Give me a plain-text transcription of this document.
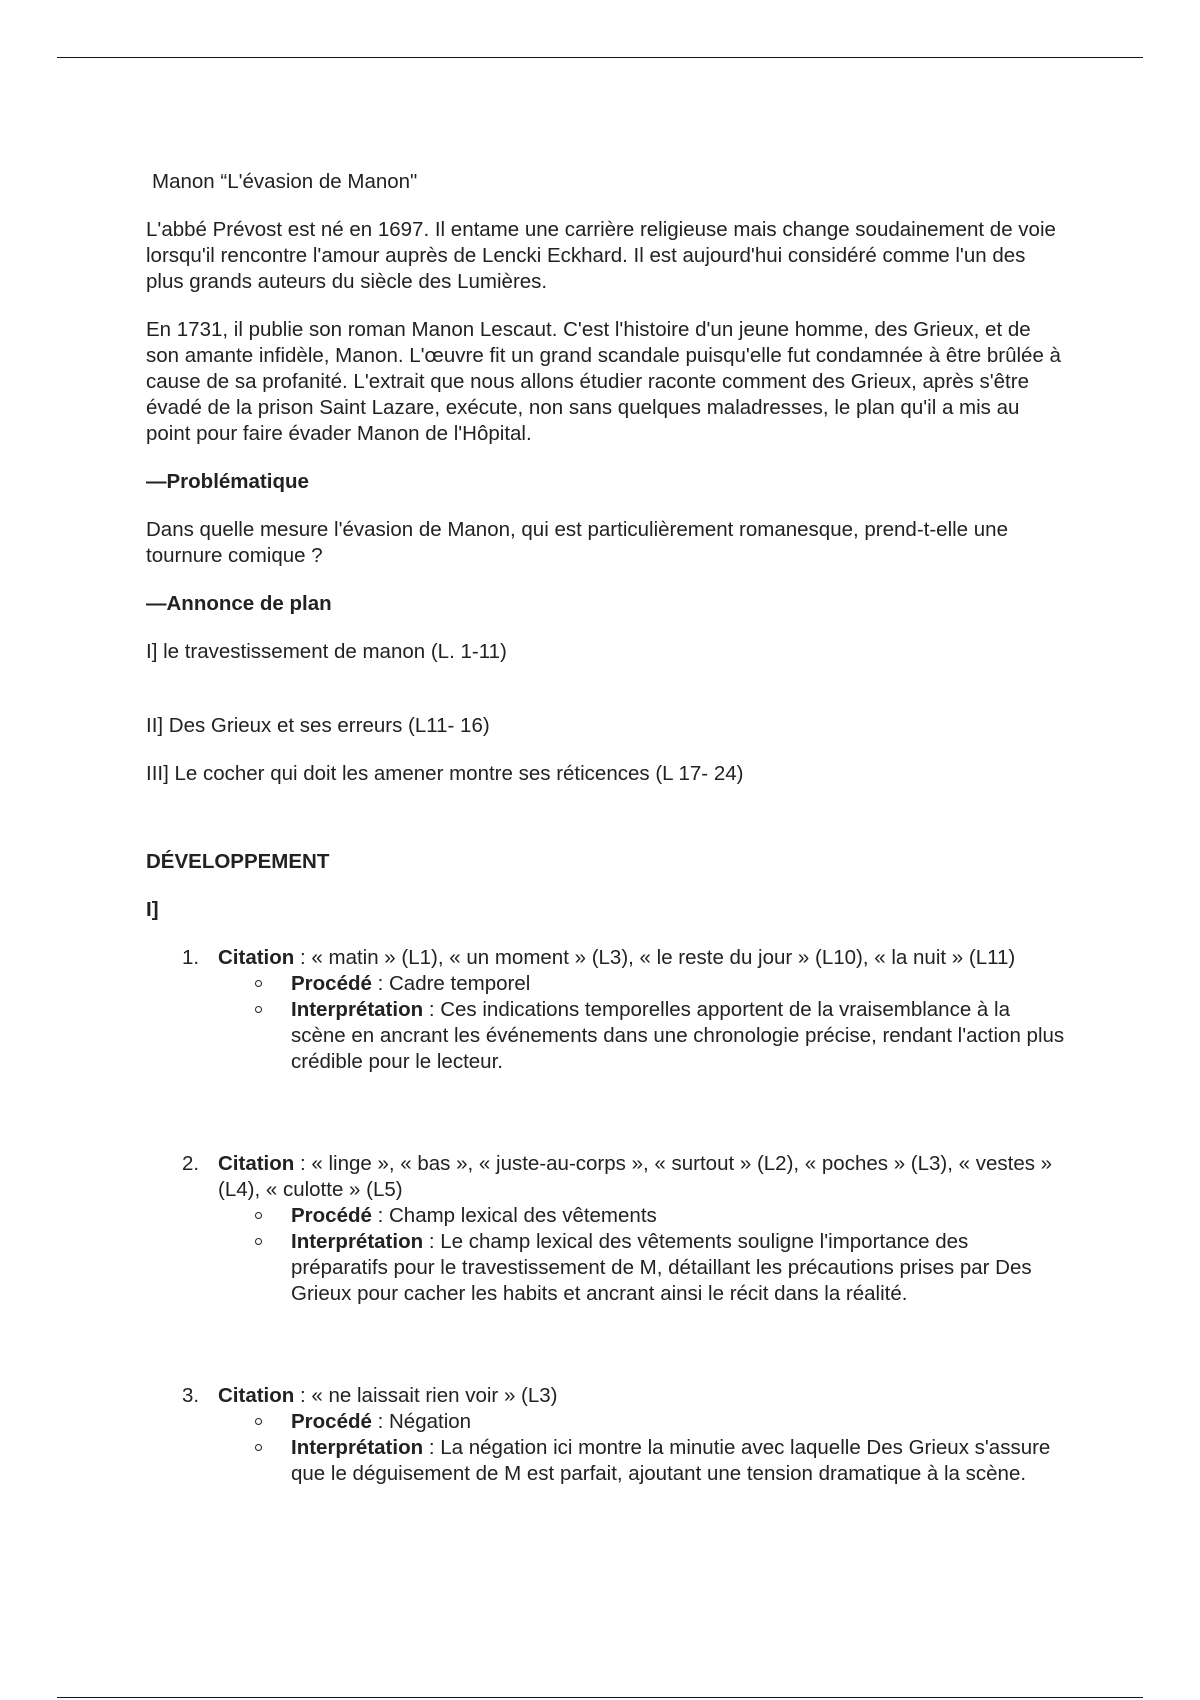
Manon “L'évasion de Manon"

L'abbé Prévost est né en 1697. Il entame une carrière religieuse mais change soudainement de voie lorsqu'il rencontre l'amour auprès de Lencki Eckhard. Il est aujourd'hui considéré comme l'un des plus grands auteurs du siècle des Lumières.

En 1731, il publie son roman Manon Lescaut. C'est l'histoire d'un jeune homme, des Grieux, et de son amante infidèle, Manon. L'œuvre fit un grand scandale puisqu'elle fut condamnée à être brûlée à cause de sa profanité. L'extrait que nous allons étudier raconte comment des Grieux, après s'être évadé de la prison Saint Lazare, exécute, non sans quelques maladresses, le plan qu'il a mis au point pour faire évader Manon de l'Hôpital.

—Problématique

Dans quelle mesure l'évasion de Manon, qui est particulièrement romanesque, prend-t-elle une tournure comique ?

—Annonce de plan

I] le travestissement de manon (L. 1-11)

II] Des Grieux et ses erreurs (L11- 16)

III] Le cocher qui doit les amener montre ses réticences (L 17- 24)

DÉVELOPPEMENT

I]

1. Citation : « matin » (L1), « un moment » (L3), « le reste du jour » (L10), « la nuit » (L11)
Procédé : Cadre temporel
Interprétation : Ces indications temporelles apportent de la vraisemblance à la scène en ancrant les événements dans une chronologie précise, rendant l'action plus crédible pour le lecteur.
2. Citation : « linge », « bas », « juste-au-corps », « surtout » (L2), « poches » (L3), « vestes » (L4), « culotte » (L5)
Procédé : Champ lexical des vêtements
Interprétation : Le champ lexical des vêtements souligne l'importance des préparatifs pour le travestissement de M, détaillant les précautions prises par Des Grieux pour cacher les habits et ancrant ainsi le récit dans la réalité.
3. Citation : « ne laissait rien voir » (L3)
Procédé : Négation
Interprétation : La négation ici montre la minutie avec laquelle Des Grieux s'assure que le déguisement de M est parfait, ajoutant une tension dramatique à la scène.
